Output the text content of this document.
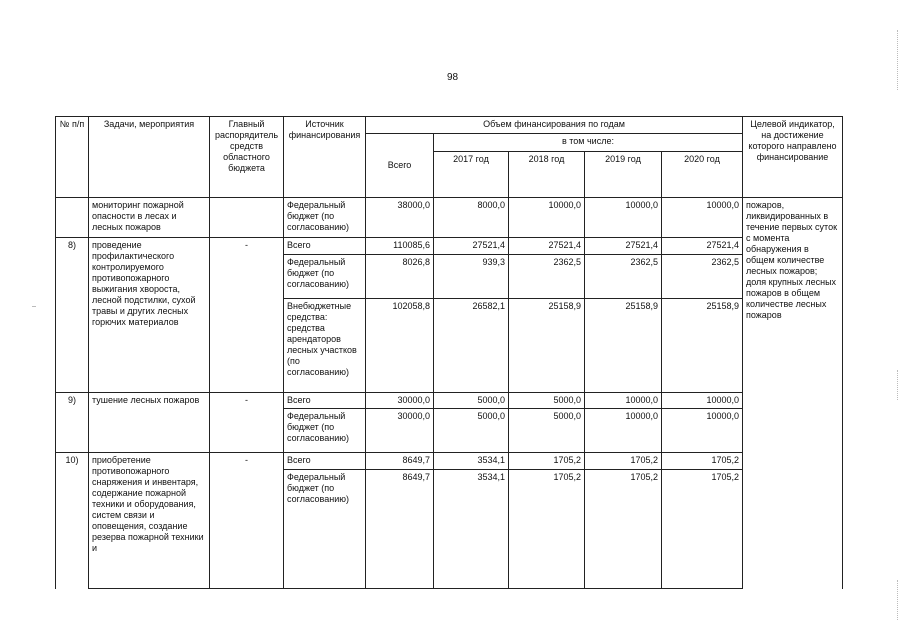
98
№ п/п	Задачи, мероприятия	Главный распорядитель средств областного бюджета	Источник финансирования	Объем финансирования по годам					Целевой индикатор, на достижение которого направлено финансирование
				Всего	в том числе:				
					2017 год	2018 год	2019 год	2020 год	
	мониторинг пожарной опасности в лесах и лесных пожаров		Федеральный бюджет (по согласованию)	38000,0	8000,0	10000,0	10000,0	10000,0	пожаров, ликвидированных в течение первых суток с момента обнаружения в общем количестве лесных пожаров; доля крупных лесных пожаров в общем количестве лесных пожаров
8)	проведение профилактического контролируемого противопожарного выжигания хвороста, лесной подстилки, сухой травы и других лесных горючих материалов	-	Всего	110085,6	27521,4	27521,4	27521,4	27521,4	
			Федеральный бюджет (по согласованию)	8026,8	939,3	2362,5	2362,5	2362,5	
			Внебюджетные средства: средства арендаторов лесных участков (по согласованию)	102058,8	26582,1	25158,9	25158,9	25158,9	
9)	тушение лесных пожаров	-	Всего	30000,0	5000,0	5000,0	10000,0	10000,0	
			Федеральный бюджет (по согласованию)	30000,0	5000,0	5000,0	10000,0	10000,0	
10)	приобретение противопожарного снаряжения и инвентаря, содержание пожарной техники и оборудования, систем связи и оповещения, создание резерва пожарной техники и	-	Всего	8649,7	3534,1	1705,2	1705,2	1705,2	
			Федеральный бюджет (по согласованию)	8649,7	3534,1	1705,2	1705,2	1705,2	
